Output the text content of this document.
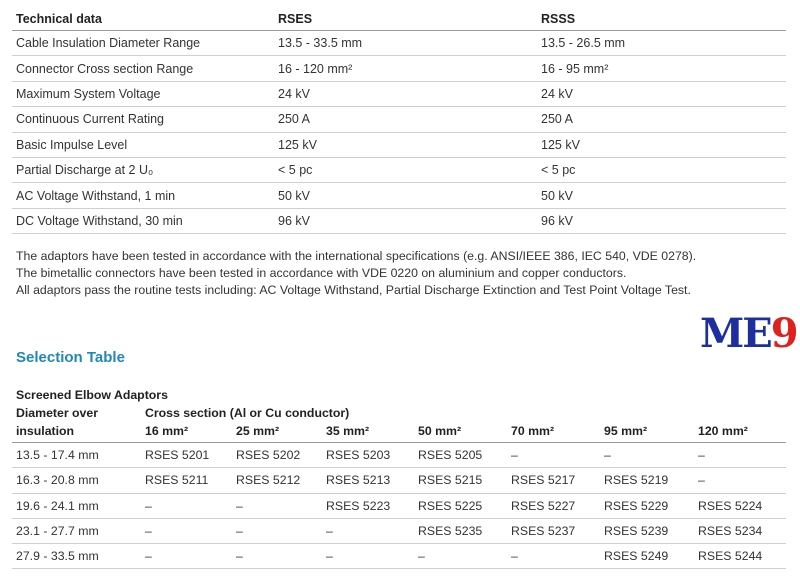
Technical data	RSES	RSSS
Cable Insulation Diameter Range	13.5 - 33.5 mm	13.5 - 26.5 mm
Connector Cross section Range	16 - 120 mm²	16 - 95 mm²
Maximum System Voltage	24 kV	24 kV
Continuous Current Rating	250 A	250 A
Basic Impulse Level	125 kV	125 kV
Partial Discharge at 2 U₀	< 5 pc	< 5 pc
AC Voltage Withstand, 1 min	50 kV	50 kV
DC Voltage Withstand, 30 min	96 kV	96 kV
The adaptors have been tested in accordance with the international specifications (e.g. ANSI/IEEE 386, IEC 540, VDE 0278).
The bimetallic connectors have been tested in accordance with VDE 0220 on aluminium and copper conductors.
All adaptors pass the routine tests including: AC Voltage Withstand, Partial Discharge Extinction and Test Point Voltage Test.
ME9
Selection Table
Screened Elbow Adaptors
Diameter over
insulation
Cross section (Al or Cu conductor)
16 mm²	25 mm²	35 mm²	50 mm²	70 mm²	95 mm²	120 mm²
13.5 - 17.4 mm	RSES 5201	RSES 5202	RSES 5203	RSES 5205	–	–	–
16.3 - 20.8 mm	RSES 5211	RSES 5212	RSES 5213	RSES 5215	RSES 5217	RSES 5219	–
19.6 - 24.1 mm	–	–	RSES 5223	RSES 5225	RSES 5227	RSES 5229	RSES 5224
23.1 - 27.7 mm	–	–	–	RSES 5235	RSES 5237	RSES 5239	RSES 5234
27.9 - 33.5 mm	–	–	–	–	–	RSES 5249	RSES 5244
